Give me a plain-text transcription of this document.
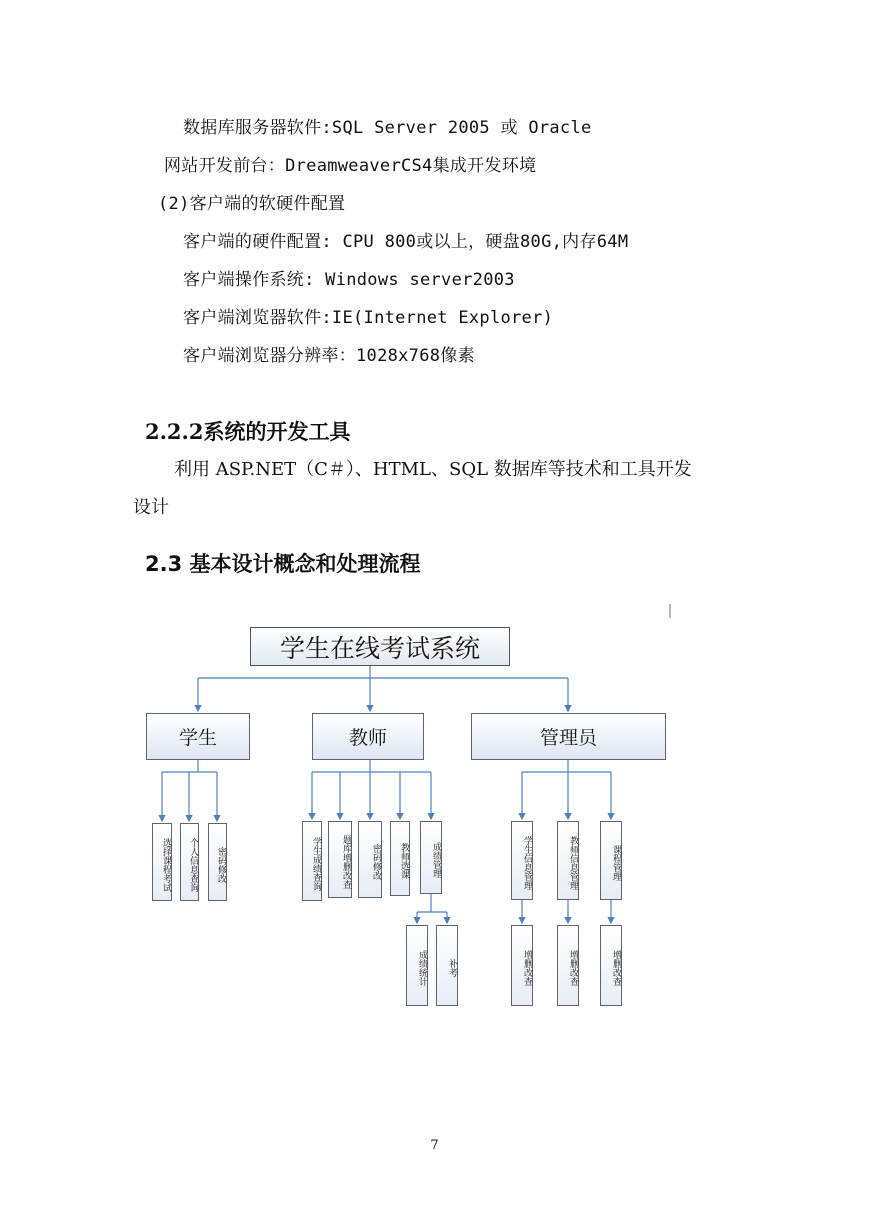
数据库服务器软件:SQL Server 2005 或 Oracle
网站开发前台：DreamweaverCS4集成开发环境
(2)客户端的软硬件配置
客户端的硬件配置: CPU 800或以上，硬盘80G,内存64M
客户端操作系统: Windows server2003
客户端浏览器软件:IE(Internet Explorer)
客户端浏览器分辨率：1028x768像素
2.2.2系统的开发工具
利用 ASP.NET（C＃）、HTML、SQL 数据库等技术和工具开发
设计
2.3 基本设计概念和处理流程
学生在线考试系统
学生	教师	管理员
选择课程考试	个人信息查询	密码修改	学生成绩查询	题库增删改查	密码修改	教师选课	成绩管理
成绩统计	补考
学生信息管理	教师信息管理	课程管理
增删改查	增删改查	增删改查
7
